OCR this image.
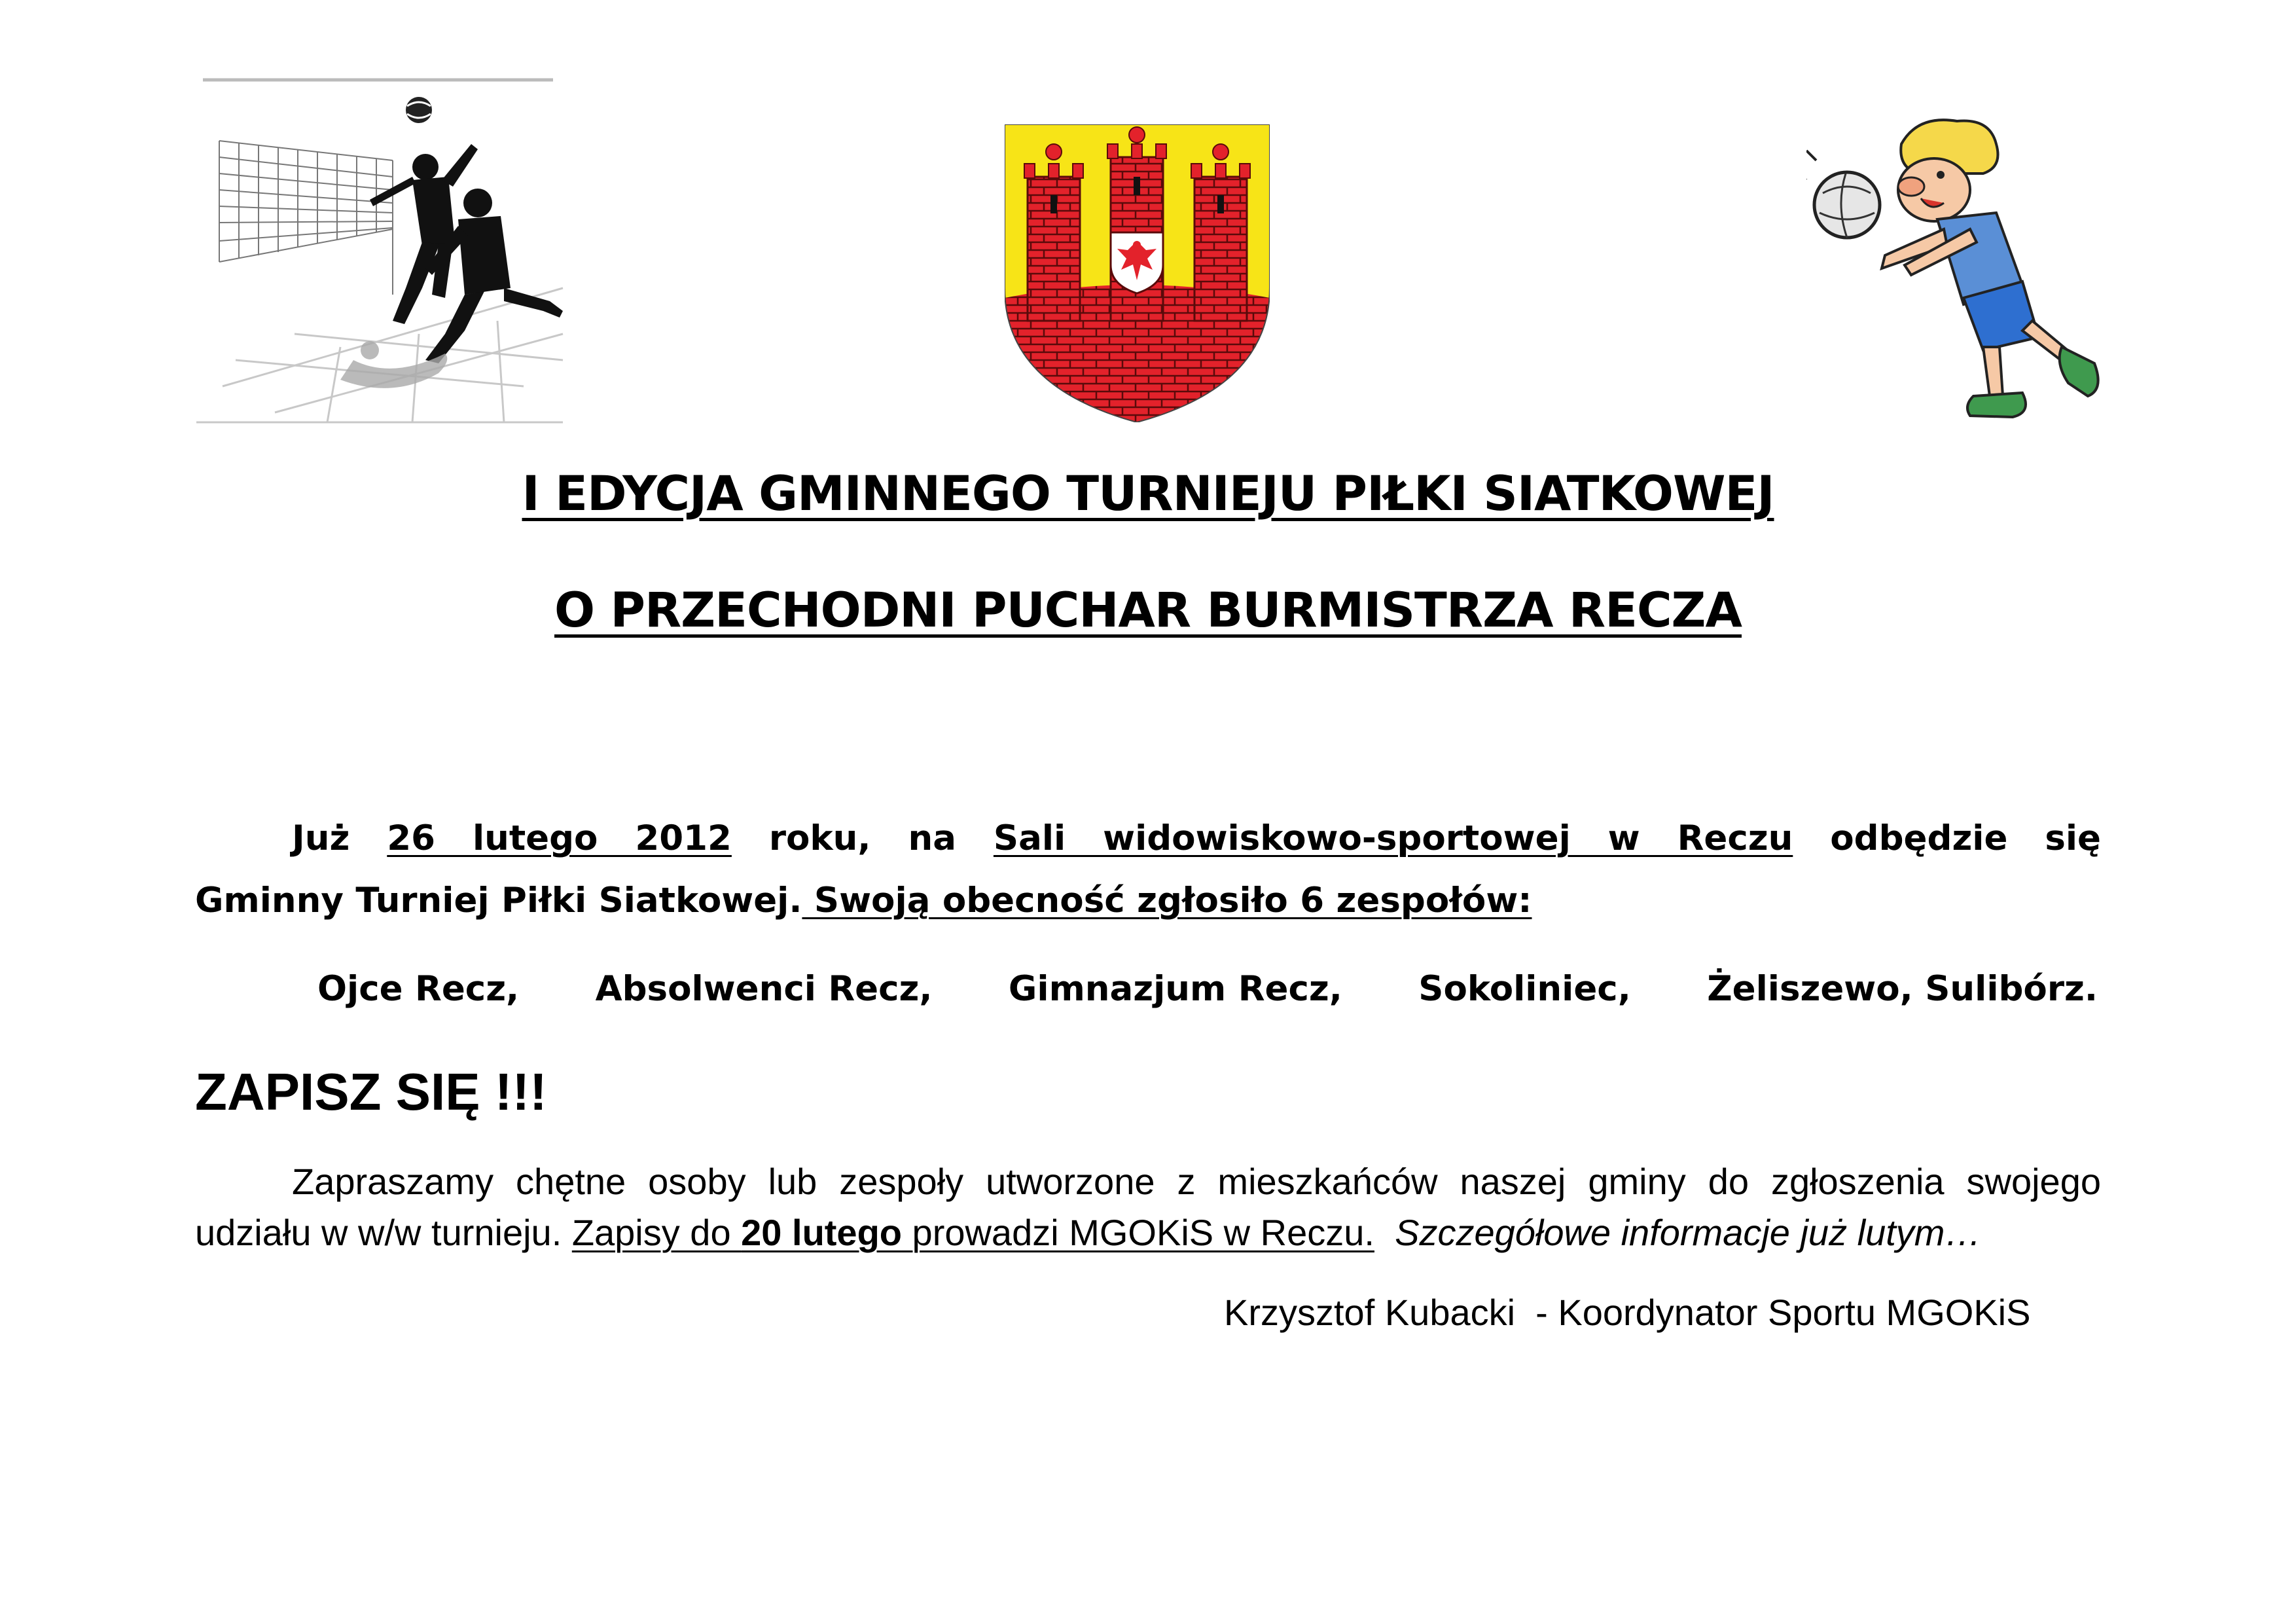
I EDYCJA GMINNEGO TURNIEJU PIŁKI SIATKOWEJ
O PRZECHODNI PUCHAR BURMISTRZA RECZA
Już 26 lutego 2012 roku, na Sali widowiskowo-sportowej w Reczu odbędzie się
Gminny Turniej Piłki Siatkowej. Swoją obecność zgłosiło 6 zespołów:
Ojce Recz, Absolwenci Recz, Gimnazjum Recz, Sokoliniec, Żeliszewo, Sulibórz.
ZAPISZ SIĘ !!!
Zapraszamy chętne osoby lub zespoły utworzone z mieszkańców naszej gminy do zgłoszenia swojego
udziału w w/w turnieju. Zapisy do 20 lutego prowadzi MGOKiS w Reczu. Szczegółowe informacje już lutym…
Krzysztof Kubacki  - Koordynator Sportu MGOKiS
